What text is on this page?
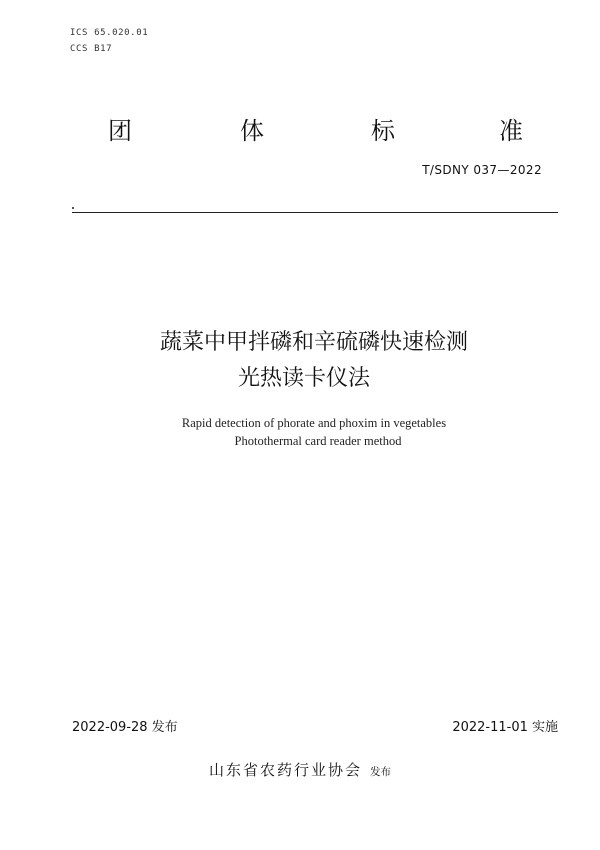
ICS 65.020.01
CCS B17
团	体	标	准
T/SDNY 037—2022
蔬菜中甲拌磷和辛硫磷快速检测
光热读卡仪法
Rapid detection of phorate and phoxim in vegetables
Photothermal card reader method
2022-09-28 发布	2022-11-01 实施
山东省农药行业协会 发布
